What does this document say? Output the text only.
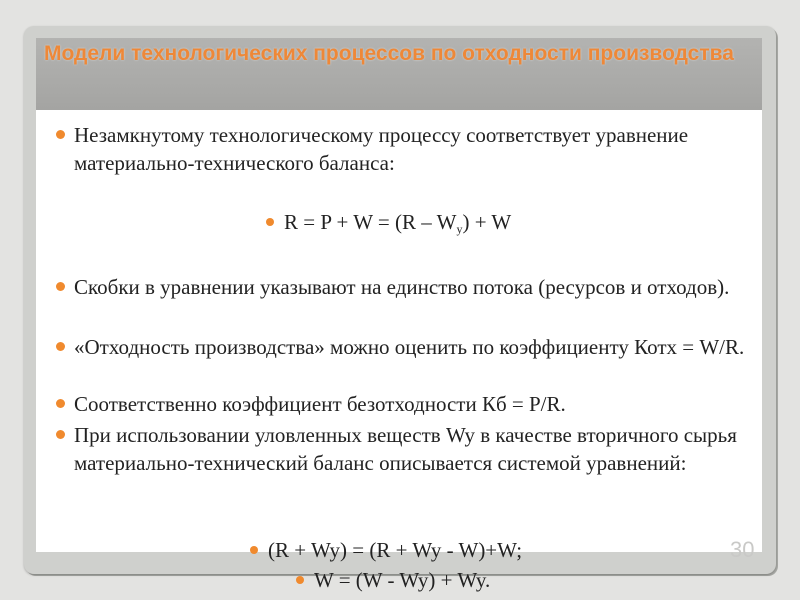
Модели технологических процессов по отходности производства
Незамкнутому технологическому процессу соответствует уравнение материально-технического баланса:
$R = P + W = (R - W_y) + W$
Скобки в уравнении указывают на единство потока (ресурсов и отходов).
«Отходность производства» можно оценить по коэффициенту Котх = W/R.
Соответственно коэффициент безотходности Кб = P/R.
При использовании уловленных веществ Wy в качестве вторичного сырья материально-технический баланс описывается системой уравнений:
(R + Wy) = (R + Wy - W)+W;
W = (W - Wy) + Wy.
30
